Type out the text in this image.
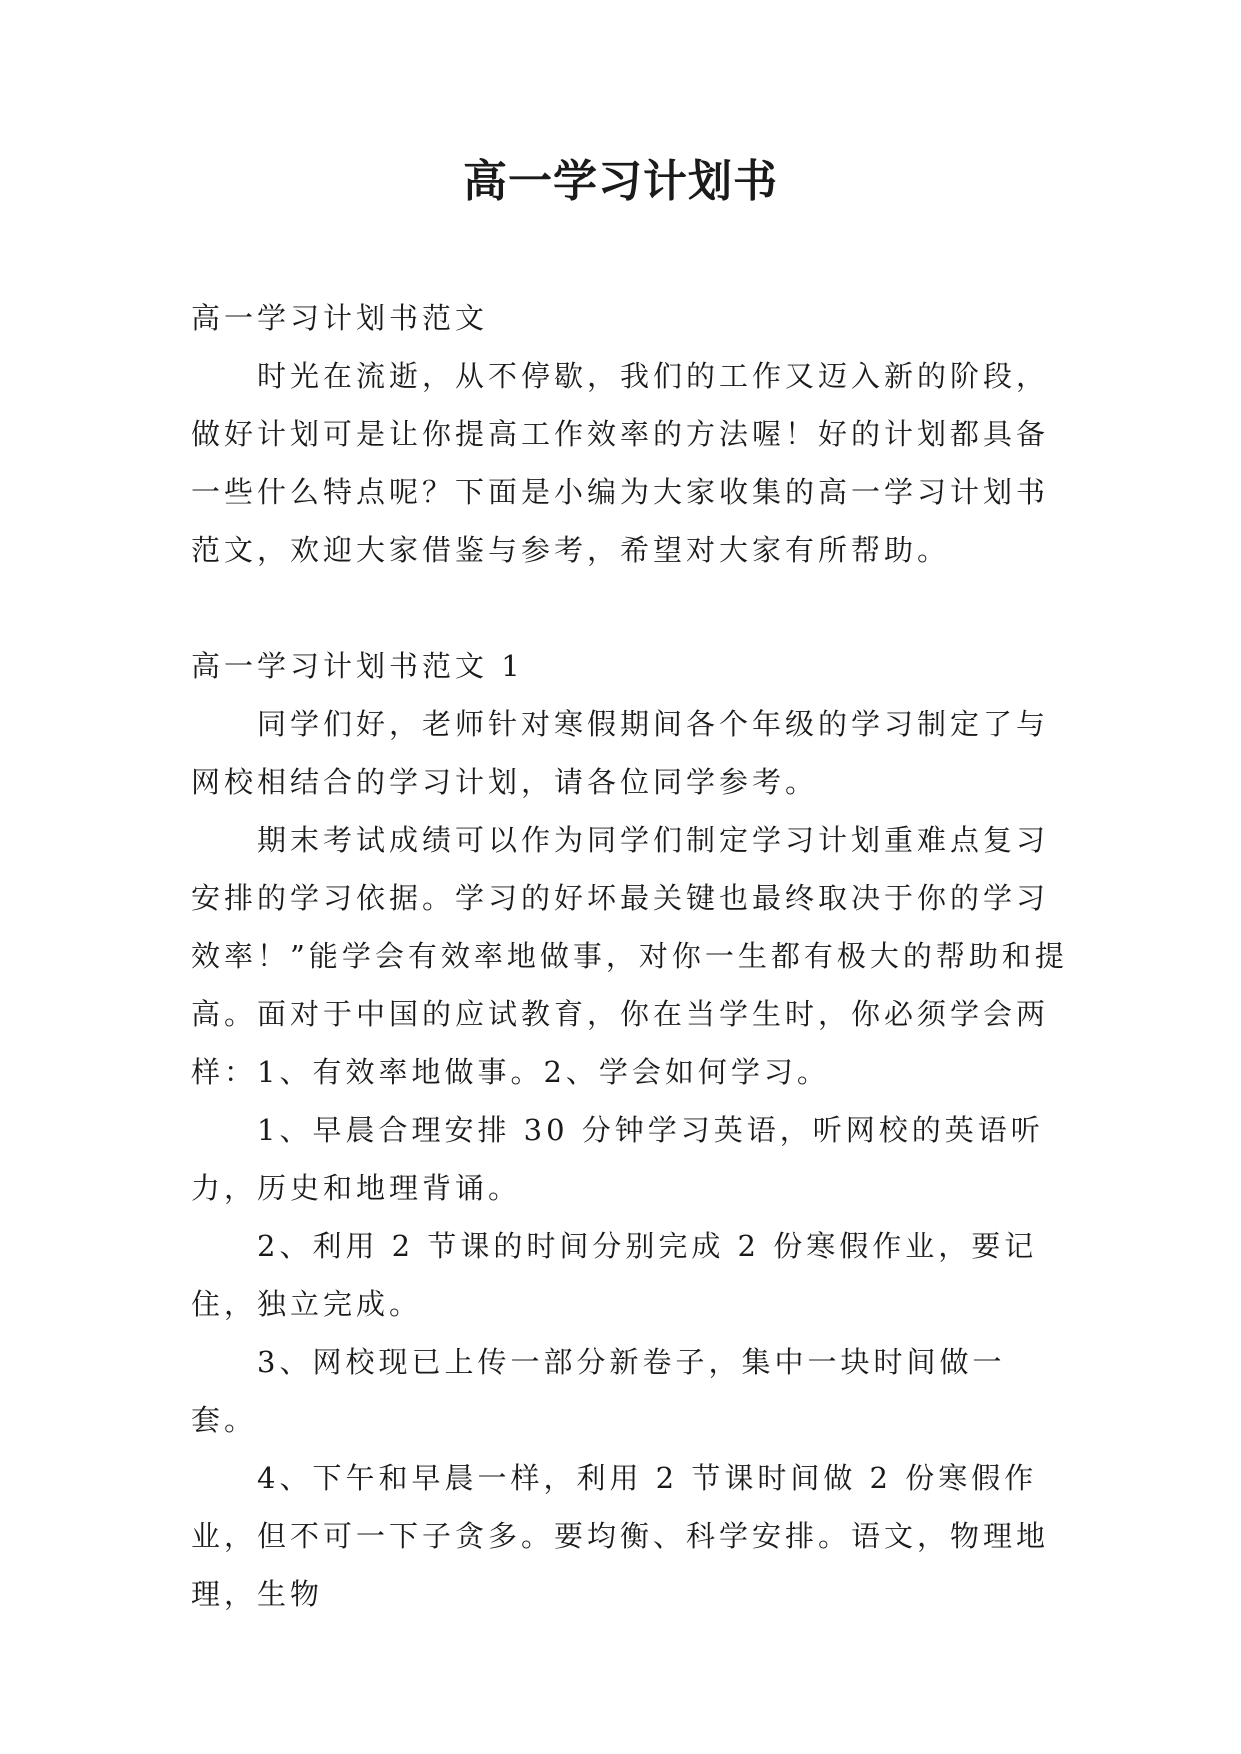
高一学习计划书

高一学习计划书范文

时光在流逝，从不停歇，我们的工作又迈入新的阶段，做好计划可是让你提高工作效率的方法喔！好的计划都具备一些什么特点呢？下面是小编为大家收集的高一学习计划书范文，欢迎大家借鉴与参考，希望对大家有所帮助。

高一学习计划书范文 1

同学们好，老师针对寒假期间各个年级的学习制定了与网校相结合的学习计划，请各位同学参考。

期末考试成绩可以作为同学们制定学习计划重难点复习安排的学习依据。学习的好坏最关键也最终取决于你的学习效率！”能学会有效率地做事，对你一生都有极大的帮助和提高。面对于中国的应试教育，你在当学生时，你必须学会两样：1、有效率地做事。2、学会如何学习。

1、早晨合理安排 30 分钟学习英语，听网校的英语听力，历史和地理背诵。

2、利用 2 节课的时间分别完成 2 份寒假作业，要记住，独立完成。

3、网校现已上传一部分新卷子，集中一块时间做一套。

4、下午和早晨一样，利用 2 节课时间做 2 份寒假作业，但不可一下子贪多。要均衡、科学安排。语文，物理地理，生物
